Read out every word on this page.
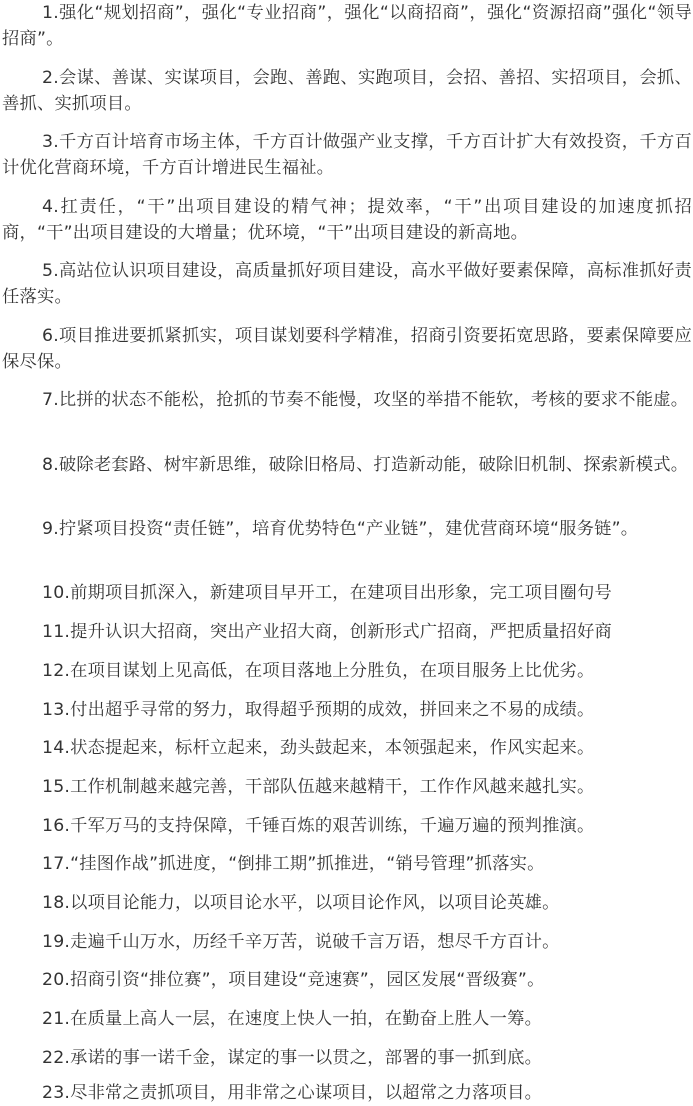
1.强化“规划招商”，强化“专业招商”，强化“以商招商”，强化“资源招商”强化“领导招商”。

2.会谋、善谋、实谋项目，会跑、善跑、实跑项目，会招、善招、实招项目，会抓、善抓、实抓项目。

3.千方百计培育市场主体，千方百计做强产业支撑，千方百计扩大有效投资，千方百计优化营商环境，千方百计增进民生福祉。

4.扛责任，“干”出项目建设的精气神；提效率，“干”出项目建设的加速度抓招商，“干”出项目建设的大增量；优环境，“干”出项目建设的新高地。

5.高站位认识项目建设，高质量抓好项目建设，高水平做好要素保障，高标准抓好责任落实。

6.项目推进要抓紧抓实，项目谋划要科学精准，招商引资要拓宽思路，要素保障要应保尽保。

7.比拼的状态不能松，抢抓的节奏不能慢，攻坚的举措不能软，考核的要求不能虚。

8.破除老套路、树牢新思维，破除旧格局、打造新动能，破除旧机制、探索新模式。

9.拧紧项目投资“责任链”，培育优势特色“产业链”，建优营商环境“服务链”。

10.前期项目抓深入，新建项目早开工，在建项目出形象，完工项目圈句号

11.提升认识大招商，突出产业招大商，创新形式广招商，严把质量招好商

12.在项目谋划上见高低，在项目落地上分胜负，在项目服务上比优劣。

13.付出超乎寻常的努力，取得超乎预期的成效，拼回来之不易的成绩。

14.状态提起来，标杆立起来，劲头鼓起来，本领强起来，作风实起来。

15.工作机制越来越完善，干部队伍越来越精干，工作作风越来越扎实。

16.千军万马的支持保障，千锤百炼的艰苦训练，千遍万遍的预判推演。

17.“挂图作战”抓进度，“倒排工期”抓推进，“销号管理”抓落实。

18.以项目论能力，以项目论水平，以项目论作风，以项目论英雄。

19.走遍千山万水，历经千辛万苦，说破千言万语，想尽千方百计。

20.招商引资“排位赛”，项目建设“竞速赛”，园区发展“晋级赛”。

21.在质量上高人一层，在速度上快人一拍，在勤奋上胜人一筹。

22.承诺的事一诺千金，谋定的事一以贯之，部署的事一抓到底。

23.尽非常之责抓项目，用非常之心谋项目，以超常之力落项目。
